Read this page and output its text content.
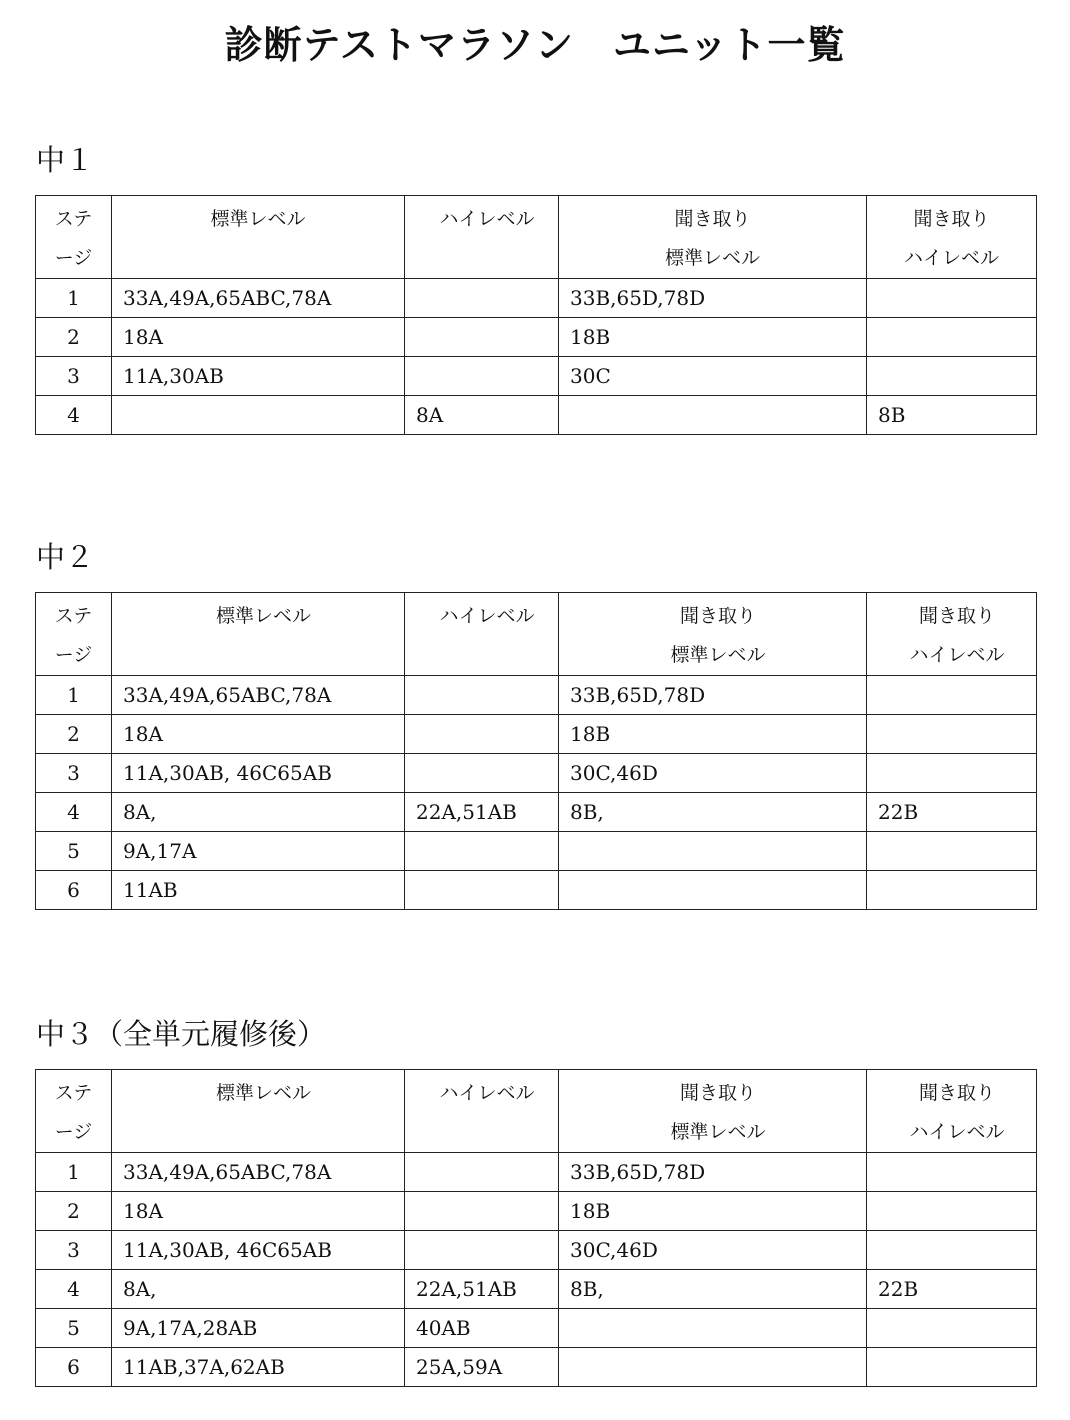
診断テストマラソン　ユニット一覧
中１
ステ
ージ	標準レベル	ハイレベル	聞き取り
標準レベル	聞き取り
ハイレベル

1	33A,49A,65ABC,78A		33B,65D,78D	
2	18A		18B	
3	11A,30AB		30C	
4		8A		8B
中２
ステ
ージ	標準レベル	ハイレベル	聞き取り
標準レベル	聞き取り
ハイレベル

1	33A,49A,65ABC,78A		33B,65D,78D	
2	18A		18B	
3	11A,30AB, 46C65AB		30C,46D	
4	8A,	22A,51AB	8B,	22B
5	9A,17A			
6	11AB			
中３（全単元履修後）
ステ
ージ	標準レベル	ハイレベル	聞き取り
標準レベル	聞き取り
ハイレベル

1	33A,49A,65ABC,78A		33B,65D,78D	
2	18A		18B	
3	11A,30AB, 46C65AB		30C,46D	
4	8A,	22A,51AB	8B,	22B
5	9A,17A,28AB	40AB		
6	11AB,37A,62AB	25A,59A		
